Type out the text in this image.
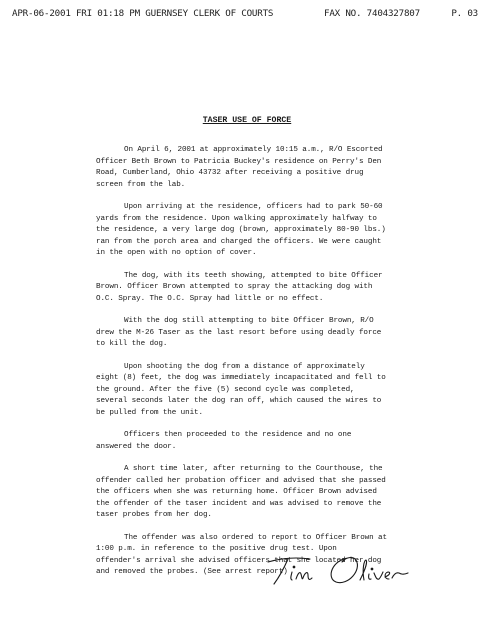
APR-06-2001 FRI 01:18 PM GUERNSEY CLERK OF COURTS	FAX NO. 7404327807	P. 03
TASER USE OF FORCE
On April 6, 2001 at approximately 10:15 a.m., R/O Escorted
Officer Beth Brown to Patricia Buckey's residence on Perry's Den
Road, Cumberland, Ohio 43732 after receiving a positive drug
screen from the lab.
Upon arriving at the residence, officers had to park 50-60
yards from the residence. Upon walking approximately halfway to
the residence, a very large dog (brown, approximately 80-90 lbs.)
ran from the porch area and charged the officers. We were caught
in the open with no option of cover.
The dog, with its teeth showing, attempted to bite Officer
Brown. Officer Brown attempted to spray the attacking dog with
O.C. Spray. The O.C. Spray had little or no effect.
With the dog still attempting to bite Officer Brown, R/O
drew the M-26 Taser as the last resort before using deadly force
to kill the dog.
Upon shooting the dog from a distance of approximately
eight (8) feet, the dog was immediately incapacitated and fell to
the ground. After the five (5) second cycle was completed,
several seconds later the dog ran off, which caused the wires to
be pulled from the unit.
Officers then proceeded to the residence and no one
answered the door.
A short time later, after returning to the Courthouse, the
offender called her probation officer and advised that she passed
the officers when she was returning home. Officer Brown advised
the offender of the taser incident and was advised to remove the
taser probes from her dog.
The offender was also ordered to report to Officer Brown at
1:00 p.m. in reference to the positive drug test. Upon
offender's arrival she advised officers that she located her dog
and removed the probes. (See arrest report)
